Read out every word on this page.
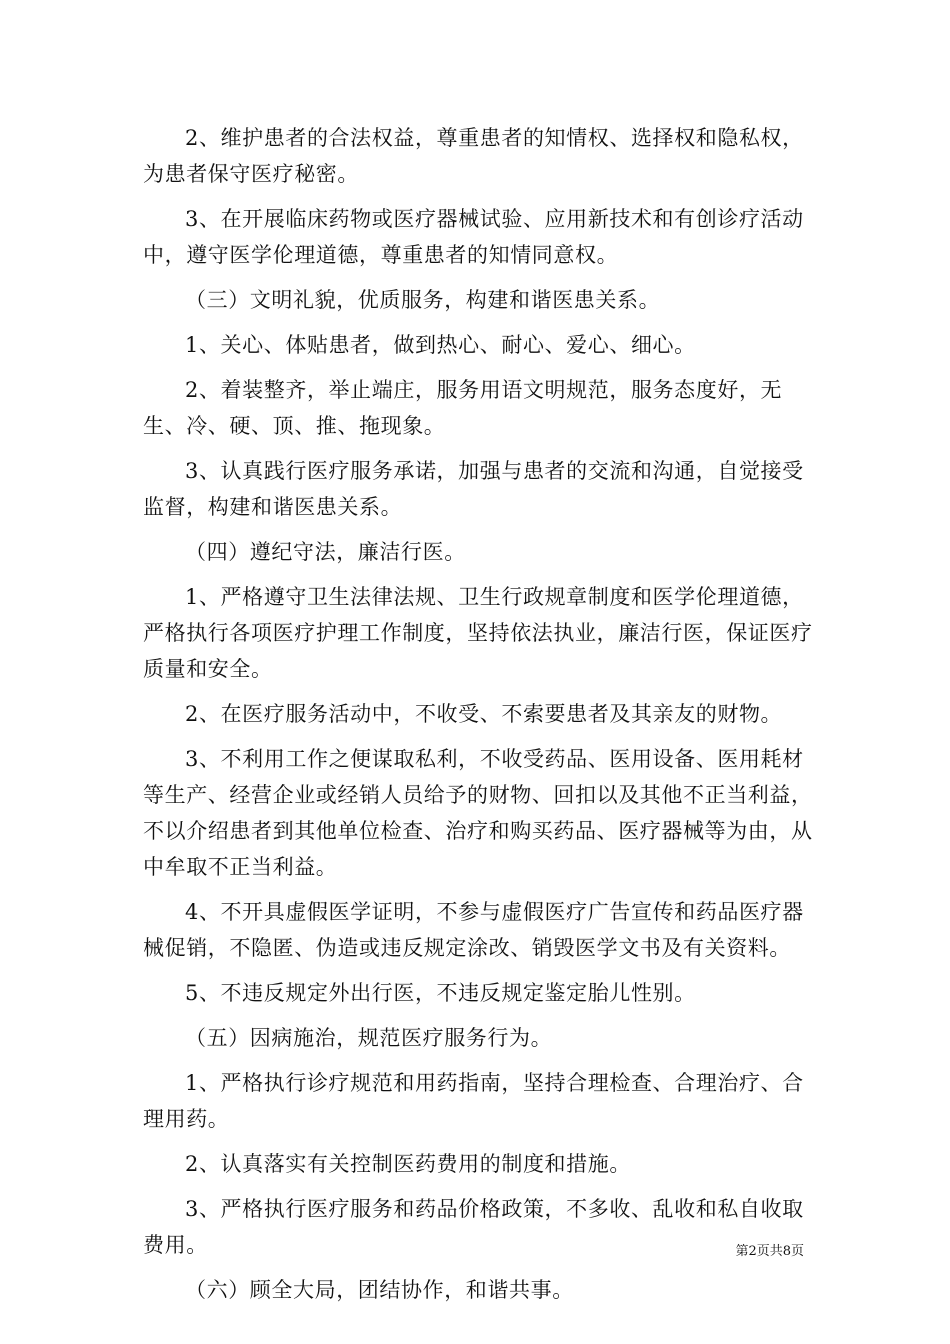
2、维护患者的合法权益，尊重患者的知情权、选择权和隐私权，为患者保守医疗秘密。

3、在开展临床药物或医疗器械试验、应用新技术和有创诊疗活动中，遵守医学伦理道德，尊重患者的知情同意权。

（三）文明礼貌，优质服务，构建和谐医患关系。

1、关心、体贴患者，做到热心、耐心、爱心、细心。

2、着装整齐，举止端庄，服务用语文明规范，服务态度好，无生、冷、硬、顶、推、拖现象。

3、认真践行医疗服务承诺，加强与患者的交流和沟通，自觉接受监督，构建和谐医患关系。

（四）遵纪守法，廉洁行医。

1、严格遵守卫生法律法规、卫生行政规章制度和医学伦理道德，严格执行各项医疗护理工作制度，坚持依法执业，廉洁行医，保证医疗质量和安全。

2、在医疗服务活动中，不收受、不索要患者及其亲友的财物。

3、不利用工作之便谋取私利，不收受药品、医用设备、医用耗材等生产、经营企业或经销人员给予的财物、回扣以及其他不正当利益，不以介绍患者到其他单位检查、治疗和购买药品、医疗器械等为由，从中牟取不正当利益。

4、不开具虚假医学证明，不参与虚假医疗广告宣传和药品医疗器械促销，不隐匿、伪造或违反规定涂改、销毁医学文书及有关资料。

5、不违反规定外出行医，不违反规定鉴定胎儿性别。

（五）因病施治，规范医疗服务行为。

1、严格执行诊疗规范和用药指南，坚持合理检查、合理治疗、合理用药。

2、认真落实有关控制医药费用的制度和措施。

3、严格执行医疗服务和药品价格政策，不多收、乱收和私自收取费用。

（六）顾全大局，团结协作，和谐共事。

第2页共8页
